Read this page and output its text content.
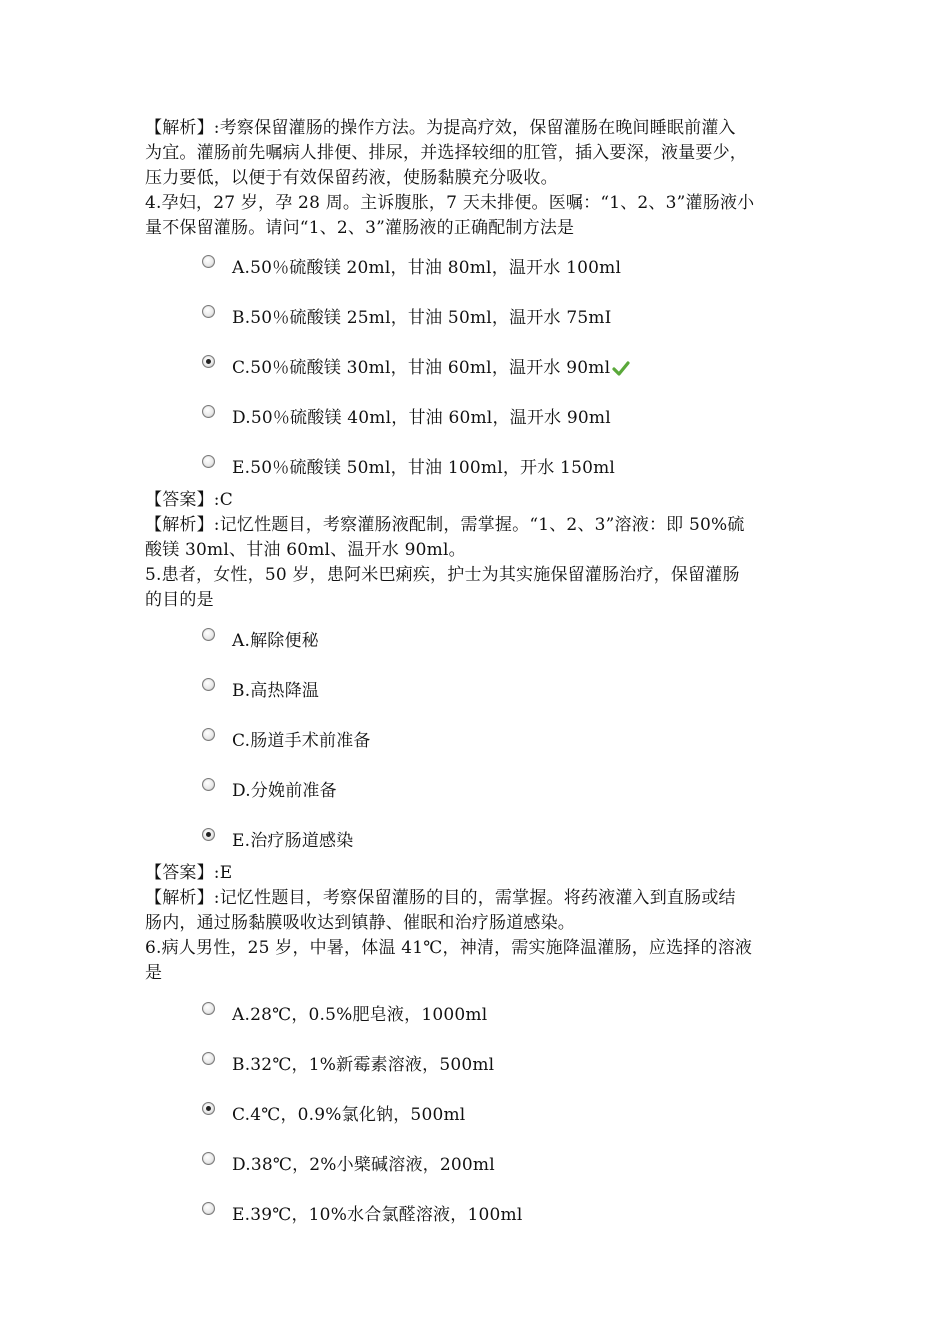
【解析】:考察保留灌肠的操作方法。为提高疗效，保留灌肠在晚间睡眠前灌入
为宜。灌肠前先嘱病人排便、排尿，并选择较细的肛管，插入要深，液量要少，
压力要低，以便于有效保留药液，使肠黏膜充分吸收。
4.孕妇，27 岁，孕 28 周。主诉腹胀，7 天未排便。医嘱：“1、2、3”灌肠液小
量不保留灌肠。请问“1、2、3”灌肠液的正确配制方法是
A.50％硫酸镁 20ml，甘油 80ml，温开水 100ml
B.50％硫酸镁 25ml，甘油 50ml，温开水 75mI
C.50％硫酸镁 30ml，甘油 60ml，温开水 90ml
D.50％硫酸镁 40ml，甘油 60ml，温开水 90ml
E.50％硫酸镁 50ml，甘油 100ml，开水 150ml
【答案】:C
【解析】:记忆性题目，考察灌肠液配制，需掌握。“1、2、3”溶液：即 50%硫
酸镁 30ml、甘油 60ml、温开水 90ml。
5.患者，女性，50 岁，患阿米巴痢疾，护士为其实施保留灌肠治疗，保留灌肠
的目的是
A.解除便秘
B.高热降温
C.肠道手术前准备
D.分娩前准备
E.治疗肠道感染
【答案】:E
【解析】:记忆性题目，考察保留灌肠的目的，需掌握。将药液灌入到直肠或结
肠内，通过肠黏膜吸收达到镇静、催眠和治疗肠道感染。
6.病人男性，25 岁，中暑，体温 41℃，神清，需实施降温灌肠，应选择的溶液
是
A.28℃，0.5%肥皂液，1000ml
B.32℃，1%新霉素溶液，500ml
C.4℃，0.9%氯化钠，500ml
D.38℃，2%小檗碱溶液，200ml
E.39℃，10%水合氯醛溶液，100ml
